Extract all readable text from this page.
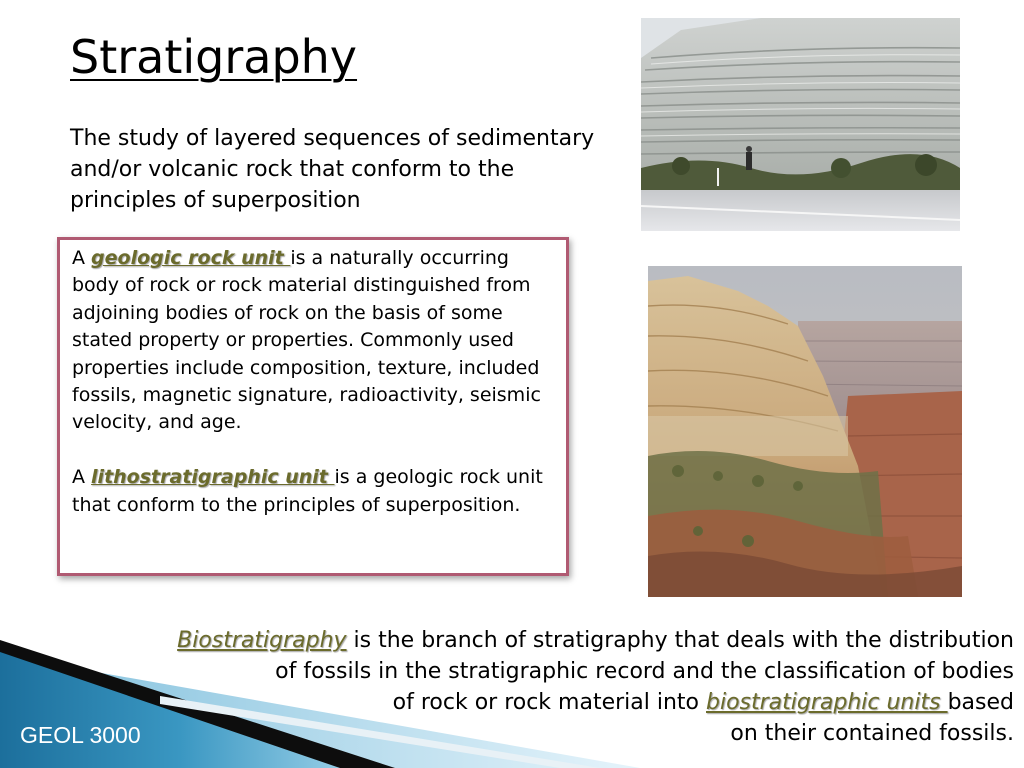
Stratigraphy
The study of layered sequences of sedimentary and/or volcanic rock that conform to the principles of superposition

A geologic rock unit is a naturally occurring body of rock or rock material distinguished from adjoining bodies of rock on the basis of some stated property or properties. Commonly used properties include composition, texture, included fossils, magnetic signature, radioactivity, seismic velocity, and age.

A lithostratigraphic unit is a geologic rock unit that conform to the principles of superposition.

Biostratigraphy is the branch of stratigraphy that deals with the distribution
of fossils in the stratigraphic record and the classification of bodies
of rock or rock material into biostratigraphic units based
on their contained fossils.
GEOL 3000
